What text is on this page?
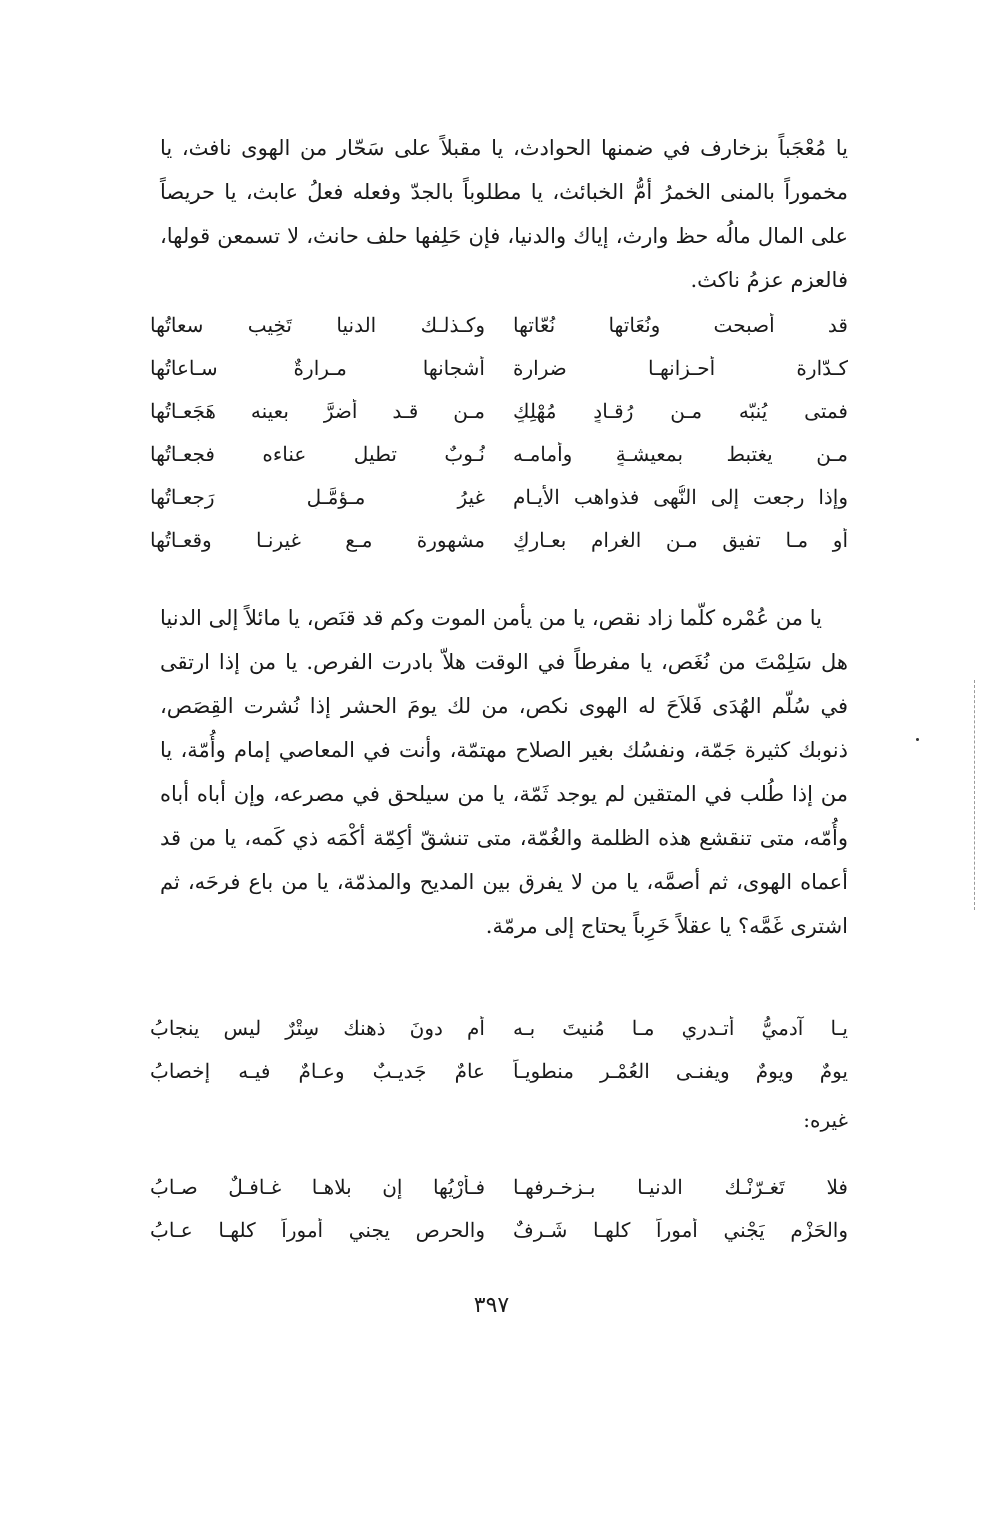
يا مُعْجَباً بزخارف في ضمنها الحوادث، يا مقبلاً على سَحّار من الهوى نافث، يا مخموراً بالمنى الخمرُ أمُّ الخبائث، يا مطلوباً بالجدّ وفعله فعلُ عابث، يا حريصاً على المال مالُه حظ وارث، إياك والدنيا، فإن حَلِفها حلف حانث، لا تسمعن قولها، فالعزم عزمُ ناكث.

قد أصبحت ونُعَاتها نُعّاتها
وكـذلـك الدنيا تَخِيب سعاتُها
كـدّارة أحـزانهـا ضرارة
أشجانها مـرارةٌ سـاعاتُها
فمتى يُنبّه مـن رُقـادٍ مُهْلِكٍ
مـن قـد أضرَّ بعينه هَجَعـاتُها
مـن يغتبط بمعيشـةٍ وأمامـه
نُـوبٌ تطيل عناءه فجعـاتُها
وإذا رجعت إلى النُّهى فذواهب الأيـام
غيرُ مـؤمَّـلٍ رَجعـاتُها
أو مـا تفيق مـن الغرام بعـاركٍ
مشهورة مـع غيرنـا وقعـاتُها

يا من عُمْره كلّما زاد نقص، يا من يأمن الموت وكم قد قنَص، يا مائلاً إلى الدنيا هل سَلِمْتَ من نُغَص، يا مفرطاً في الوقت هلاّ بادرت الفرص. يا من إذا ارتقى في سُلّم الهُدَى فَلاَحَ له الهوى نكص، من لك يومَ الحشر إذا نُشرت القِصَص، ذنوبك كثيرة جَمّة، ونفسُك بغير الصلاح مهتمّة، وأنت في المعاصي إمام وأُمّة، يا من إذا طُلب في المتقين لم يوجد ثَمّة، يا من سيلحق في مصرعه، وإن أباه أباه وأُمّه، متى تنقشع هذه الظلمة والغُمّة، متى تنشقّ أكِمّة أكْمَه ذي كَمه، يا من قد أعماه الهوى، ثم أصمَّه، يا من لا يفرق بين المديح والمذمّة، يا من باع فرحَه، ثم اشترى غَمَّه؟ يا عقلاً خَرِباً يحتاج إلى مرمّة.

يـا آدميُّ أتـدري مـا مُنيتَ بـه
أم دونَ ذهنك سِتْرٌ ليس ينجابُ
يومٌ ويومٌ ويفنـى العُمْـر منطويـاً
عامٌ جَديـبٌ وعـامٌ فيـه إخصابُ
غيره:
فلا تَغـرّنْـك الدنيـا بـزخـرفهـا
فـأرْيُها إن بلاهـا غـافـلٌ صـابُ
والحَزْم يَجْني أموراً كلهـا شَـرفٌ
والحرص يجني أموراً كلهـا عـابُ
٣٩٧
